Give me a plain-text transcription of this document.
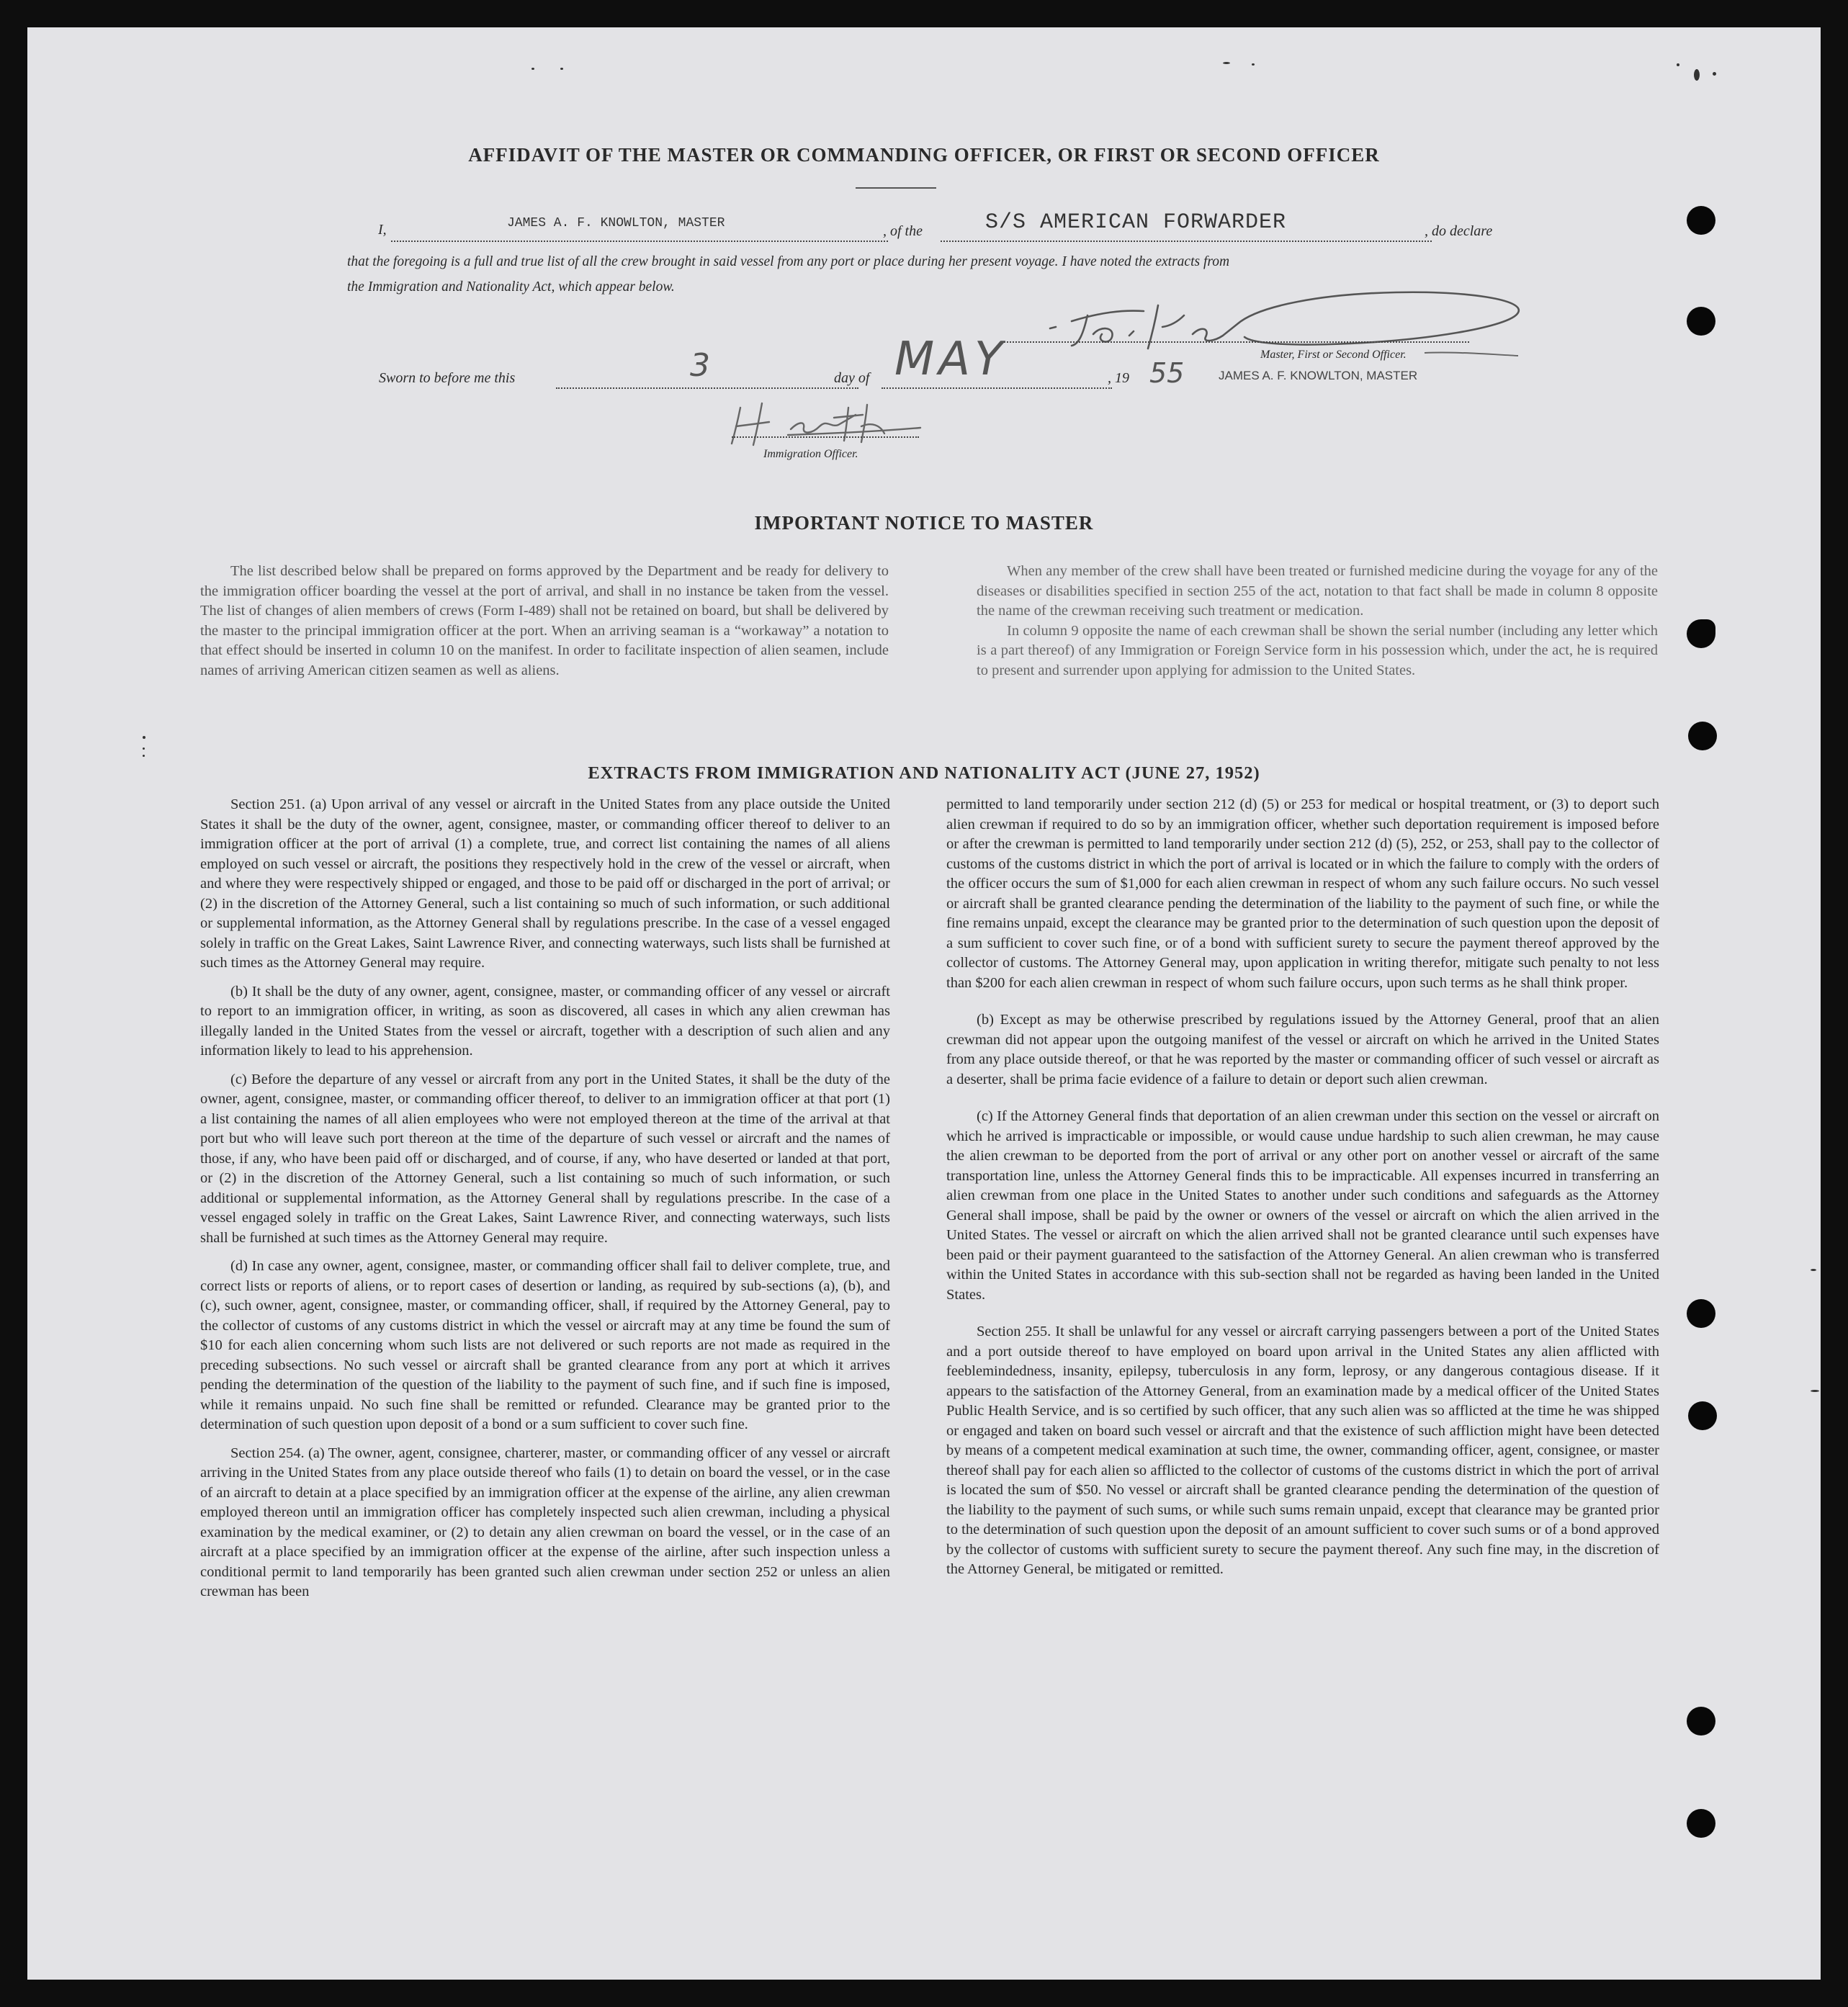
AFFIDAVIT OF THE MASTER OR COMMANDING OFFICER, OR FIRST OR SECOND OFFICER
I,	JAMES A. F. KNOWLTON, MASTER	, of the	S/S AMERICAN FORWARDER	, do declare
that the foregoing is a full and true list of all the crew brought in said vessel from any port or place during her present voyage. I have noted the extracts from
the Immigration and Nationality Act, which appear below.
Master, First or Second Officer.
JAMES A. F. KNOWLTON, MASTER
Sworn to before me this	3	day of MAY	, 19 55
Immigration Officer.
IMPORTANT NOTICE TO MASTER

The list described below shall be prepared on forms approved by the Department and be ready for delivery to the immigration officer boarding the vessel at the port of arrival, and shall in no instance be taken from the vessel. The list of changes of alien members of crews (Form I-489) shall not be retained on board, but shall be delivered by the master to the principal immigration officer at the port. When an arriving seaman is a “workaway” a notation to that effect should be inserted in column 10 on the manifest. In order to facilitate inspection of alien seamen, include names of arriving American citizen seamen as well as aliens.

When any member of the crew shall have been treated or furnished medicine during the voyage for any of the diseases or disabilities specified in section 255 of the act, notation to that fact shall be made in column 8 opposite the name of the crewman receiving such treatment or medication.

In column 9 opposite the name of each crewman shall be shown the serial number (including any letter which is a part thereof) of any Immigration or Foreign Service form in his possession which, under the act, he is required to present and surrender upon applying for admission to the United States.

EXTRACTS FROM IMMIGRATION AND NATIONALITY ACT (JUNE 27, 1952)

Section 251. (a) Upon arrival of any vessel or aircraft in the United States from any place outside the United States it shall be the duty of the owner, agent, consignee, master, or commanding officer thereof to deliver to an immigration officer at the port of arrival (1) a complete, true, and correct list containing the names of all aliens employed on such vessel or aircraft, the positions they respectively hold in the crew of the vessel or aircraft, when and where they were respectively shipped or engaged, and those to be paid off or discharged in the port of arrival; or (2) in the discretion of the Attorney General, such a list containing so much of such information, or such additional or supplemental information, as the Attorney General shall by regulations prescribe. In the case of a vessel engaged solely in traffic on the Great Lakes, Saint Lawrence River, and connecting waterways, such lists shall be furnished at such times as the Attorney General may require.

(b) It shall be the duty of any owner, agent, consignee, master, or commanding officer of any vessel or aircraft to report to an immigration officer, in writing, as soon as discovered, all cases in which any alien crewman has illegally landed in the United States from the vessel or aircraft, together with a description of such alien and any information likely to lead to his apprehension.

(c) Before the departure of any vessel or aircraft from any port in the United States, it shall be the duty of the owner, agent, consignee, master, or commanding officer thereof, to deliver to an immigration officer at that port (1) a list containing the names of all alien employees who were not employed thereon at the time of the arrival at that port but who will leave such port thereon at the time of the departure of such vessel or aircraft and the names of those, if any, who have been paid off or discharged, and of course, if any, who have deserted or landed at that port, or (2) in the discretion of the Attorney General, such a list containing so much of such information, or such additional or supplemental information, as the Attorney General shall by regulations prescribe. In the case of a vessel engaged solely in traffic on the Great Lakes, Saint Lawrence River, and connecting waterways, such lists shall be furnished at such times as the Attorney General may require.

(d) In case any owner, agent, consignee, master, or commanding officer shall fail to deliver complete, true, and correct lists or reports of aliens, or to report cases of desertion or landing, as required by sub-sections (a), (b), and (c), such owner, agent, consignee, master, or commanding officer, shall, if required by the Attorney General, pay to the collector of customs of any customs district in which the vessel or aircraft may at any time be found the sum of $10 for each alien concerning whom such lists are not delivered or such reports are not made as required in the preceding subsections. No such vessel or aircraft shall be granted clearance from any port at which it arrives pending the determination of the question of the liability to the payment of such fine, and if such fine is imposed, while it remains unpaid. No such fine shall be remitted or refunded. Clearance may be granted prior to the determination of such question upon deposit of a bond or a sum sufficient to cover such fine.

Section 254. (a) The owner, agent, consignee, charterer, master, or commanding officer of any vessel or aircraft arriving in the United States from any place outside thereof who fails (1) to detain on board the vessel, or in the case of an aircraft to detain at a place specified by an immigration officer at the expense of the airline, any alien crewman employed thereon until an immigration officer has completely inspected such alien crewman, including a physical examination by the medical examiner, or (2) to detain any alien crewman on board the vessel, or in the case of an aircraft at a place specified by an immigration officer at the expense of the airline, after such inspection unless a conditional permit to land temporarily has been granted such alien crewman under section 252 or unless an alien crewman has been

permitted to land temporarily under section 212 (d) (5) or 253 for medical or hospital treatment, or (3) to deport such alien crewman if required to do so by an immigration officer, whether such deportation requirement is imposed before or after the crewman is permitted to land temporarily under section 212 (d) (5), 252, or 253, shall pay to the collector of customs of the customs district in which the port of arrival is located or in which the failure to comply with the orders of the officer occurs the sum of $1,000 for each alien crewman in respect of whom any such failure occurs. No such vessel or aircraft shall be granted clearance pending the determination of the liability to the payment of such fine, or while the fine remains unpaid, except the clearance may be granted prior to the determination of such question upon the deposit of a sum sufficient to cover such fine, or of a bond with sufficient surety to secure the payment thereof approved by the collector of customs. The Attorney General may, upon application in writing therefor, mitigate such penalty to not less than $200 for each alien crewman in respect of whom such failure occurs, upon such terms as he shall think proper.

(b) Except as may be otherwise prescribed by regulations issued by the Attorney General, proof that an alien crewman did not appear upon the outgoing manifest of the vessel or aircraft on which he arrived in the United States from any place outside thereof, or that he was reported by the master or commanding officer of such vessel or aircraft as a deserter, shall be prima facie evidence of a failure to detain or deport such alien crewman.

(c) If the Attorney General finds that deportation of an alien crewman under this section on the vessel or aircraft on which he arrived is impracticable or impossible, or would cause undue hardship to such alien crewman, he may cause the alien crewman to be deported from the port of arrival or any other port on another vessel or aircraft of the same transportation line, unless the Attorney General finds this to be impracticable. All expenses incurred in transferring an alien crewman from one place in the United States to another under such conditions and safeguards as the Attorney General shall impose, shall be paid by the owner or owners of the vessel or aircraft on which the alien arrived in the United States. The vessel or aircraft on which the alien arrived shall not be granted clearance until such expenses have been paid or their payment guaranteed to the satisfaction of the Attorney General. An alien crewman who is transferred within the United States in accordance with this sub-section shall not be regarded as having been landed in the United States.

Section 255. It shall be unlawful for any vessel or aircraft carrying passengers between a port of the United States and a port outside thereof to have employed on board upon arrival in the United States any alien afflicted with feeblemindedness, insanity, epilepsy, tuberculosis in any form, leprosy, or any dangerous contagious disease. If it appears to the satisfaction of the Attorney General, from an examination made by a medical officer of the United States Public Health Service, and is so certified by such officer, that any such alien was so afflicted at the time he was shipped or engaged and taken on board such vessel or aircraft and that the existence of such affliction might have been detected by means of a competent medical examination at such time, the owner, commanding officer, agent, consignee, or master thereof shall pay for each alien so afflicted to the collector of customs of the customs district in which the port of arrival is located the sum of $50. No vessel or aircraft shall be granted clearance pending the determination of the question of the liability to the payment of such sums, or while such sums remain unpaid, except that clearance may be granted prior to the determination of such question upon the deposit of an amount sufficient to cover such sums or of a bond approved by the collector of customs with sufficient surety to secure the payment thereof. Any such fine may, in the discretion of the Attorney General, be mitigated or remitted.
